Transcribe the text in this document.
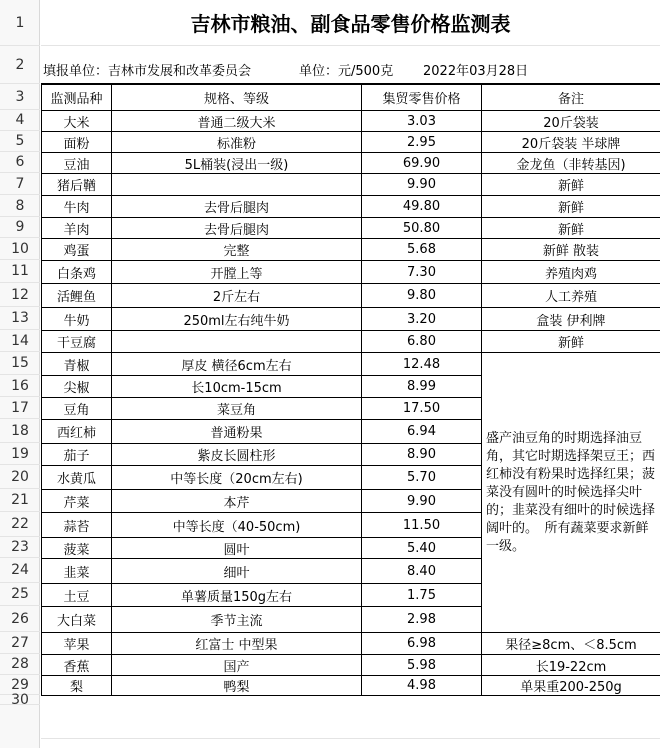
1
2
3
4
5
6
7
8
9
10
11
12
13
14
15
16
17
18
19
20
21
22
23
24
25
26
27
28
29
30
吉林市粮油、副食品零售价格监测表
填报单位：吉林市发展和改革委员会	单位：元/500克 2022年03月28日
监测品种	规格、等级	集贸零售价格	备注
大米	普通二级大米	3.03	20斤袋装
面粉	标准粉	2.95	20斤袋装 半球牌
豆油	5L桶装(浸出一级)	69.90	金龙鱼（非转基因)
猪后鞧		9.90	新鲜
牛肉	去骨后腿肉	49.80	新鲜
羊肉	去骨后腿肉	50.80	新鲜
鸡蛋	完整	5.68	新鲜 散装
白条鸡	开膛上等	7.30	养殖肉鸡
活鲤鱼	2斤左右	9.80	人工养殖
牛奶	250ml左右纯牛奶	3.20	盒装 伊利牌
干豆腐		6.80	新鲜
青椒	厚皮 横径6cm左右	12.48	盛产油豆角的时期选择油豆角，其它时期选择架豆王；西红柿没有粉果时选择红果；菠菜没有圆叶的时候选择尖叶的；韭菜没有细叶的时候选择阔叶的。　所有蔬菜要求新鲜一级。
尖椒	长10cm-15cm	8.99	
豆角	菜豆角	17.50	
西红柿	普通粉果	6.94	
茄子	紫皮长圆柱形	8.90	
水黄瓜	中等长度（20cm左右)	5.70	
芹菜	本芹	9.90	
蒜苔	中等长度（40-50cm)	11.50	
菠菜	圆叶	5.40	
韭菜	细叶	8.40	
土豆	单薯质量150g左右	1.75	
大白菜	季节主流	2.98	
苹果	红富士 中型果	6.98	果径≥8cm、＜8.5cm
香蕉	国产	5.98	长19-22cm
梨	鸭梨	4.98	单果重200-250g
